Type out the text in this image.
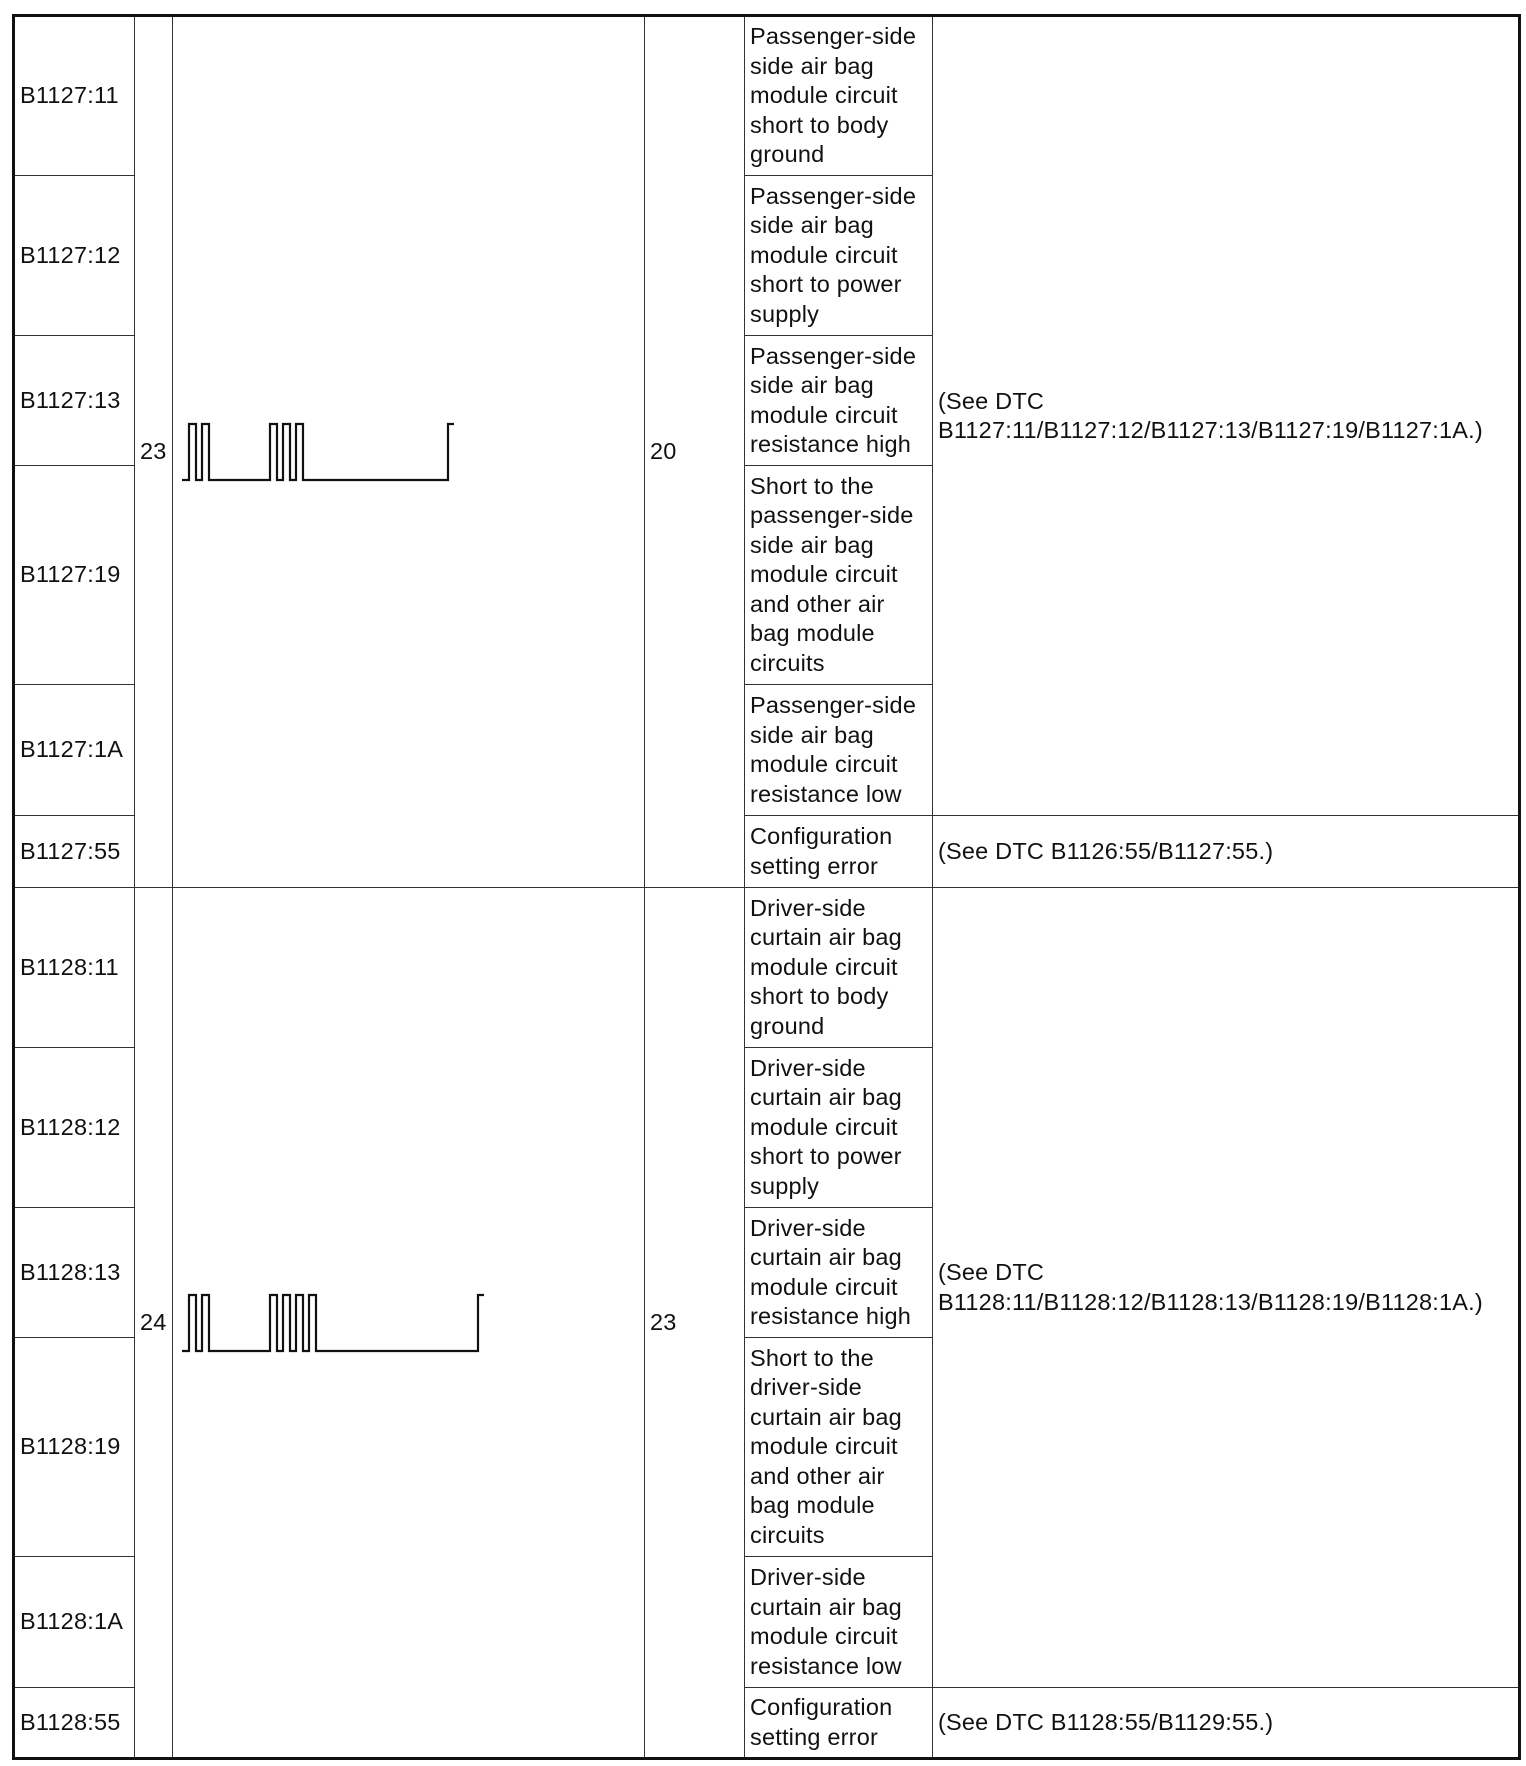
B1127:11	23		20	Passenger-side side air bag module circuit short to body ground	(See DTC B1127:11/B1127:12/B1127:13/B1127:19/B1127:1A.)
B1127:12				Passenger-side side air bag module circuit short to power supply	
B1127:13				Passenger-side side air bag module circuit resistance high	
B1127:19				Short to the passenger-side side air bag module circuit and other air bag module circuits	
B1127:1A				Passenger-side side air bag module circuit resistance low	
B1127:55				Configuration setting error	(See DTC B1126:55/B1127:55.)
B1128:11	24		23	Driver-side curtain air bag module circuit short to body ground	(See DTC B1128:11/B1128:12/B1128:13/B1128:19/B1128:1A.)
B1128:12				Driver-side curtain air bag module circuit short to power supply	
B1128:13				Driver-side curtain air bag module circuit resistance high	
B1128:19				Short to the driver-side curtain air bag module circuit and other air bag module circuits	
B1128:1A				Driver-side curtain air bag module circuit resistance low	
B1128:55				Configuration setting error	(See DTC B1128:55/B1129:55.)
